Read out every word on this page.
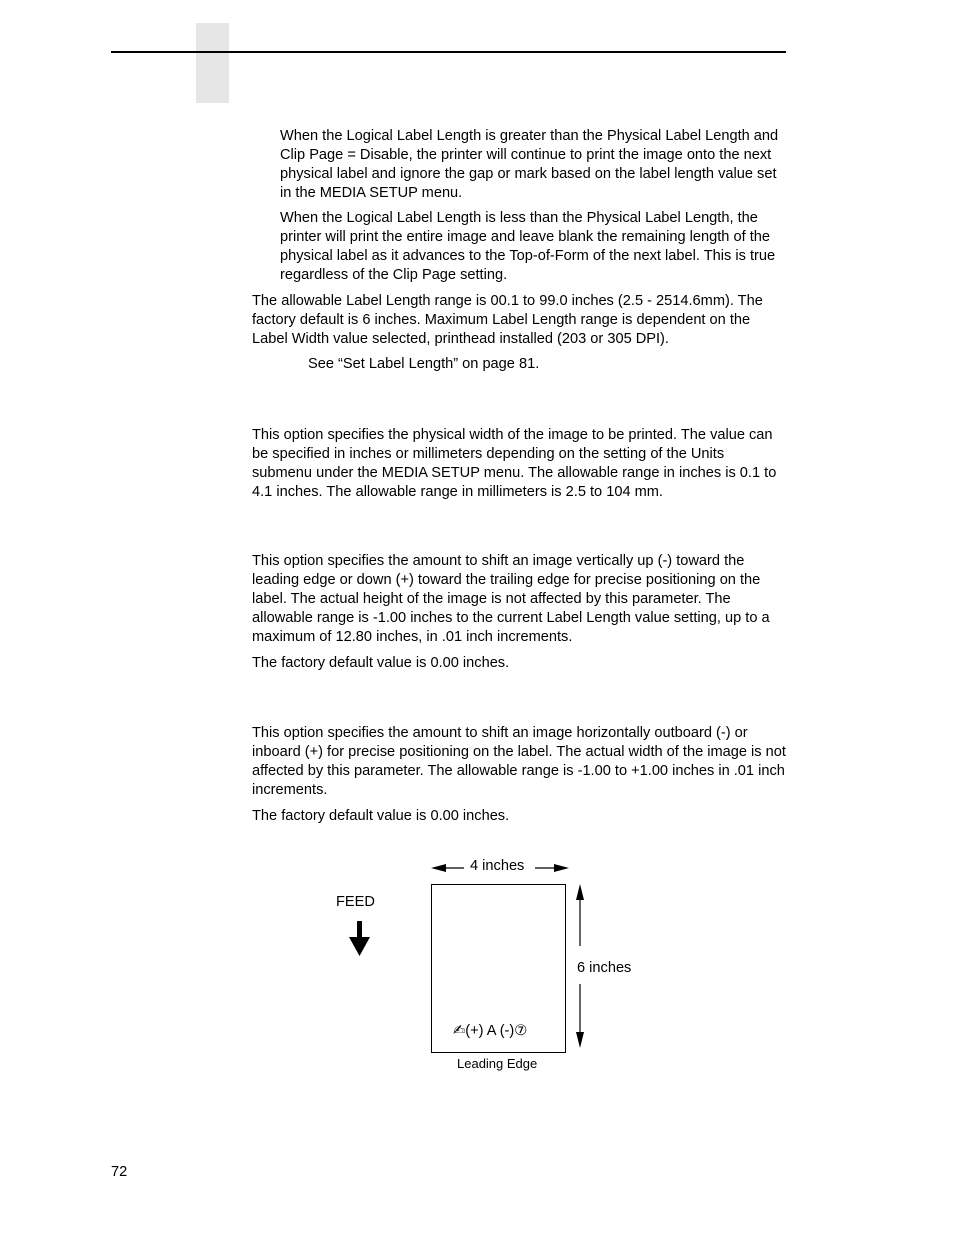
When the Logical Label Length is greater than the Physical Label Length and Clip Page = Disable, the printer will continue to print the image onto the next physical label and ignore the gap or mark based on the label length value set in the MEDIA SETUP menu.

When the Logical Label Length is less than the Physical Label Length, the printer will print the entire image and leave blank the remaining length of the physical label as it advances to the Top-of-Form of the next label. This is true regardless of the Clip Page setting.

The allowable Label Length range is 00.1 to 99.0 inches (2.5 - 2514.6mm). The factory default is 6 inches. Maximum Label Length range is dependent on the Label Width value selected, printhead installed (203 or 305 DPI).

See “Set Label Length” on page 81.

This option specifies the physical width of the image to be printed. The value can be specified in inches or millimeters depending on the setting of the Units submenu under the MEDIA SETUP menu. The allowable range in inches is 0.1 to 4.1 inches. The allowable range in millimeters is 2.5 to 104 mm.

This option specifies the amount to shift an image vertically up (-) toward the leading edge or down (+) toward the trailing edge for precise positioning on the label. The actual height of the image is not affected by this parameter. The allowable range is -1.00 inches to the current Label Length value setting, up to a maximum of 12.80 inches, in .01 inch increments.

The factory default value is 0.00 inches.

This option specifies the amount to shift an image horizontally outboard (-) or inboard (+) for precise positioning on the label. The actual width of the image is not affected by this parameter. The allowable range is -1.00 to +1.00 inches in .01 inch increments.

The factory default value is 0.00 inches.

4 inches
FEED
6 inches
✍(+) A (-)⑦
Leading Edge
72
